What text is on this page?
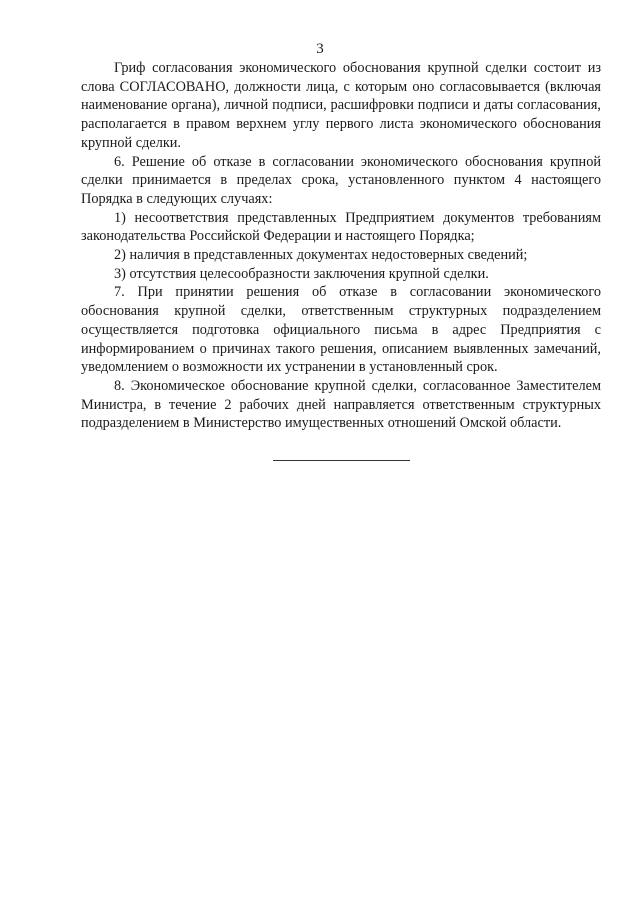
3

Гриф согласования экономического обоснования крупной сделки состоит из слова СОГЛАСОВАНО, должности лица, с которым оно согласовывается (включая наименование органа), личной подписи, расшифровки подписи и даты согласования, располагается в правом верхнем углу первого листа экономического обоснования крупной сделки.

6. Решение об отказе в согласовании экономического обоснования крупной сделки принимается в пределах срока, установленного пунктом 4 настоящего Порядка в следующих случаях:

1) несоответствия представленных Предприятием документов требованиям законодательства Российской Федерации и настоящего Порядка;

2) наличия в представленных документах недостоверных сведений;

3) отсутствия целесообразности заключения крупной сделки.

7. При принятии решения об отказе в согласовании экономического обоснования крупной сделки, ответственным структурных подразделением осуществляется подготовка официального письма в адрес Предприятия с информированием о причинах такого решения, описанием выявленных замечаний, уведомлением о возможности их устранении в установленный срок.

8. Экономическое обоснование крупной сделки, согласованное Заместителем Министра, в течение 2 рабочих дней направляется ответственным структурных подразделением в Министерство имущественных отношений Омской области.
